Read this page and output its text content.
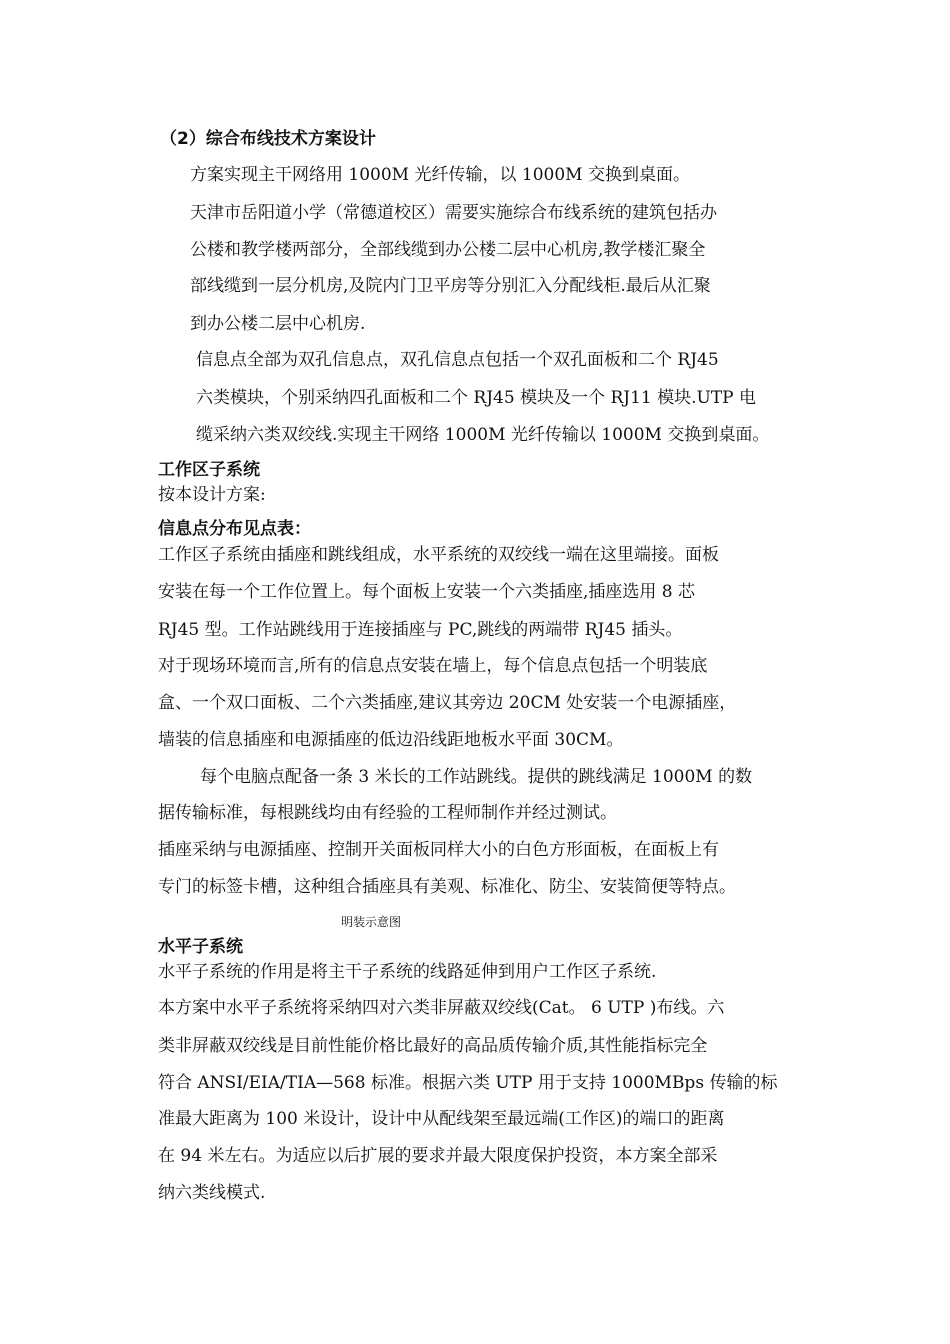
（2）综合布线技术方案设计
方案实现主干网络用 1000M 光纤传输，以 1000M 交换到桌面。
天津市岳阳道小学（常德道校区）需要实施综合布线系统的建筑包括办
公楼和教学楼两部分，全部线缆到办公楼二层中心机房,教学楼汇聚全
部线缆到一层分机房,及院内门卫平房等分别汇入分配线柜.最后从汇聚
到办公楼二层中心机房.
信息点全部为双孔信息点，双孔信息点包括一个双孔面板和二个 RJ45
六类模块，个别采纳四孔面板和二个 RJ45 模块及一个 RJ11 模块.UTP 电
缆采纳六类双绞线.实现主干网络 1000M 光纤传输以 1000M 交换到桌面。
工作区子系统
按本设计方案:
信息点分布见点表：
工作区子系统由插座和跳线组成，水平系统的双绞线一端在这里端接。面板
安装在每一个工作位置上。每个面板上安装一个六类插座,插座选用 8 芯
RJ45 型。工作站跳线用于连接插座与 PC,跳线的两端带 RJ45 插头。
对于现场环境而言,所有的信息点安装在墙上，每个信息点包括一个明装底
盒、一个双口面板、二个六类插座,建议其旁边 20CM 处安装一个电源插座，
墙装的信息插座和电源插座的低边沿线距地板水平面 30CM。
每个电脑点配备一条 3 米长的工作站跳线。提供的跳线满足 1000M 的数
据传输标准，每根跳线均由有经验的工程师制作并经过测试。
插座采纳与电源插座、控制开关面板同样大小的白色方形面板，在面板上有
专门的标签卡槽，这种组合插座具有美观、标准化、防尘、安装简便等特点。
明装示意图
水平子系统
水平子系统的作用是将主干子系统的线路延伸到用户工作区子系统.
本方案中水平子系统将采纳四对六类非屏蔽双绞线(Cat。 6 UTP )布线。六
类非屏蔽双绞线是目前性能价格比最好的高品质传输介质,其性能指标完全
符合 ANSI/EIA/TIA—568 标准。根据六类 UTP 用于支持 1000MBps 传输的标
准最大距离为 100 米设计，设计中从配线架至最远端(工作区)的端口的距离
在 94 米左右。为适应以后扩展的要求并最大限度保护投资，本方案全部采
纳六类线模式.
